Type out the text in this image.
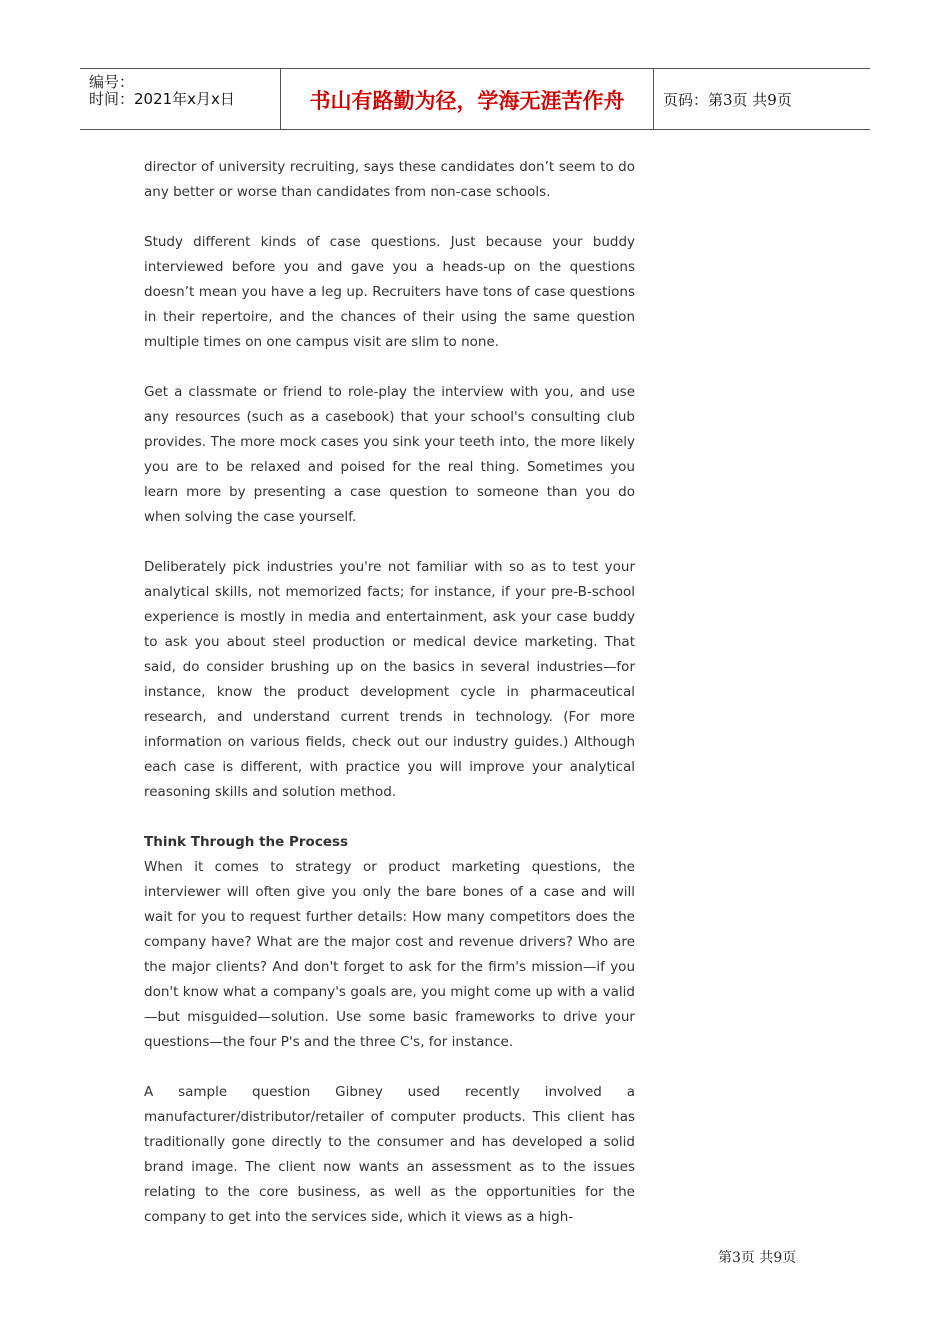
编号：
时间：2021年x月x日	书山有路勤为径，学海无涯苦作舟	页码：第3页 共9页

director of university recruiting, says these candidates don’t seem to do any better or worse than candidates from non-case schools.

Study different kinds of case questions. Just because your buddy interviewed before you and gave you a heads-up on the questions doesn’t mean you have a leg up. Recruiters have tons of case questions in their repertoire, and the chances of their using the same question multiple times on one campus visit are slim to none.

Get a classmate or friend to role-play the interview with you, and use any resources (such as a casebook) that your school's consulting club provides. The more mock cases you sink your teeth into, the more likely you are to be relaxed and poised for the real thing. Sometimes you learn more by presenting a case question to someone than you do when solving the case yourself.

Deliberately pick industries you're not familiar with so as to test your analytical skills, not memorized facts; for instance, if your pre-B-school experience is mostly in media and entertainment, ask your case buddy to ask you about steel production or medical device marketing. That said, do consider brushing up on the basics in several industries—for instance, know the product development cycle in pharmaceutical research, and understand current trends in technology. (For more information on various fields, check out our industry guides.) Although each case is different, with practice you will improve your analytical reasoning skills and solution method.

Think Through the Process

When it comes to strategy or product marketing questions, the interviewer will often give you only the bare bones of a case and will wait for you to request further details: How many competitors does the company have? What are the major cost and revenue drivers? Who are the major clients? And don't forget to ask for the firm's mission—if you don't know what a company's goals are, you might come up with a valid—but misguided—solution. Use some basic frameworks to drive your questions—the four P's and the three C's, for instance.

A sample question Gibney used recently involved a manufacturer/distributor/retailer of computer products. This client has traditionally gone directly to the consumer and has developed a solid brand image. The client now wants an assessment as to the issues relating to the core business, as well as the opportunities for the company to get into the services side, which it views as a high-

第3页 共9页
